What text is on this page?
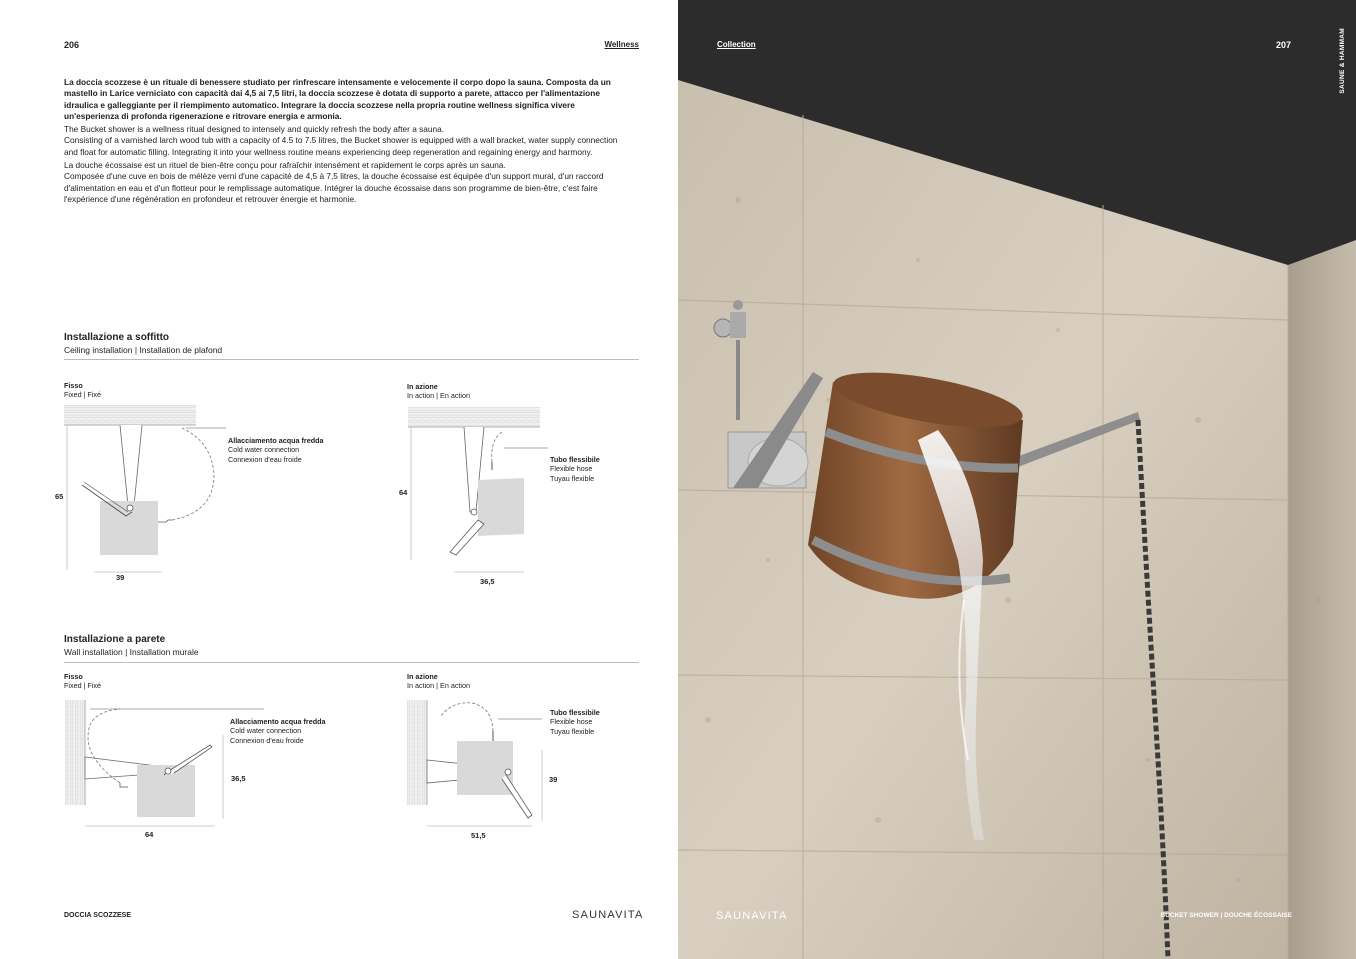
206	Wellness

La doccia scozzese è un rituale di benessere studiato per rinfrescare intensamente e velocemente il corpo dopo la sauna. Composta da un mastello in Larice verniciato con capacità dai 4,5 ai 7,5 litri, la doccia scozzese è dotata di supporto a parete, attacco per l'alimentazione idraulica e galleggiante per il riempimento automatico. Integrare la doccia scozzese nella propria routine wellness significa vivere un'esperienza di profonda rigenerazione e ritrovare energia e armonia.

The Bucket shower is a wellness ritual designed to intensely and quickly refresh the body after a sauna.

Consisting of a varnished larch wood tub with a capacity of 4.5 to 7.5 litres, the Bucket shower is equipped with a wall bracket, water supply connection and float for automatic filling. Integrating it into your wellness routine means experiencing deep regeneration and regaining energy and harmony.

La douche écossaise est un rituel de bien-être conçu pour rafraîchir intensément et rapidement le corps après un sauna.

Composée d'une cuve en bois de mélèze verni d'une capacité de 4,5 à 7,5 litres, la douche écossaise est équipée d'un support mural, d'un raccord d'alimentation en eau et d'un flotteur pour le remplissage automatique. Intégrer la douche écossaise dans son programme de bien-être, c'est faire l'expérience d'une régénération en profondeur et retrouver énergie et harmonie.

Installazione a soffitto
Ceiling installation | Installation de plafond
Fisso
Fixed | Fixé
In azione
In action | En action
65
39
Allacciamento acqua fredda
Cold water connection
Connexion d'eau froide
64
36,5
Tubo flessibile
Flexible hose
Tuyau flexible
Installazione a parete
Wall installation | Installation murale
Fisso
Fixed | Fixé
In azione
In action | En action
36,5
64
Allacciamento acqua fredda
Cold water connection
Connexion d'eau froide
39
51,5
Tubo flessibile
Flexible hose
Tuyau flexible
DOCCIA SCOZZESE	SAUNAVITA
Collection	207	SAUNE & HAMMAM
SAUNAVITA	BUCKET SHOWER | DOUCHE ÉCOSSAISE
